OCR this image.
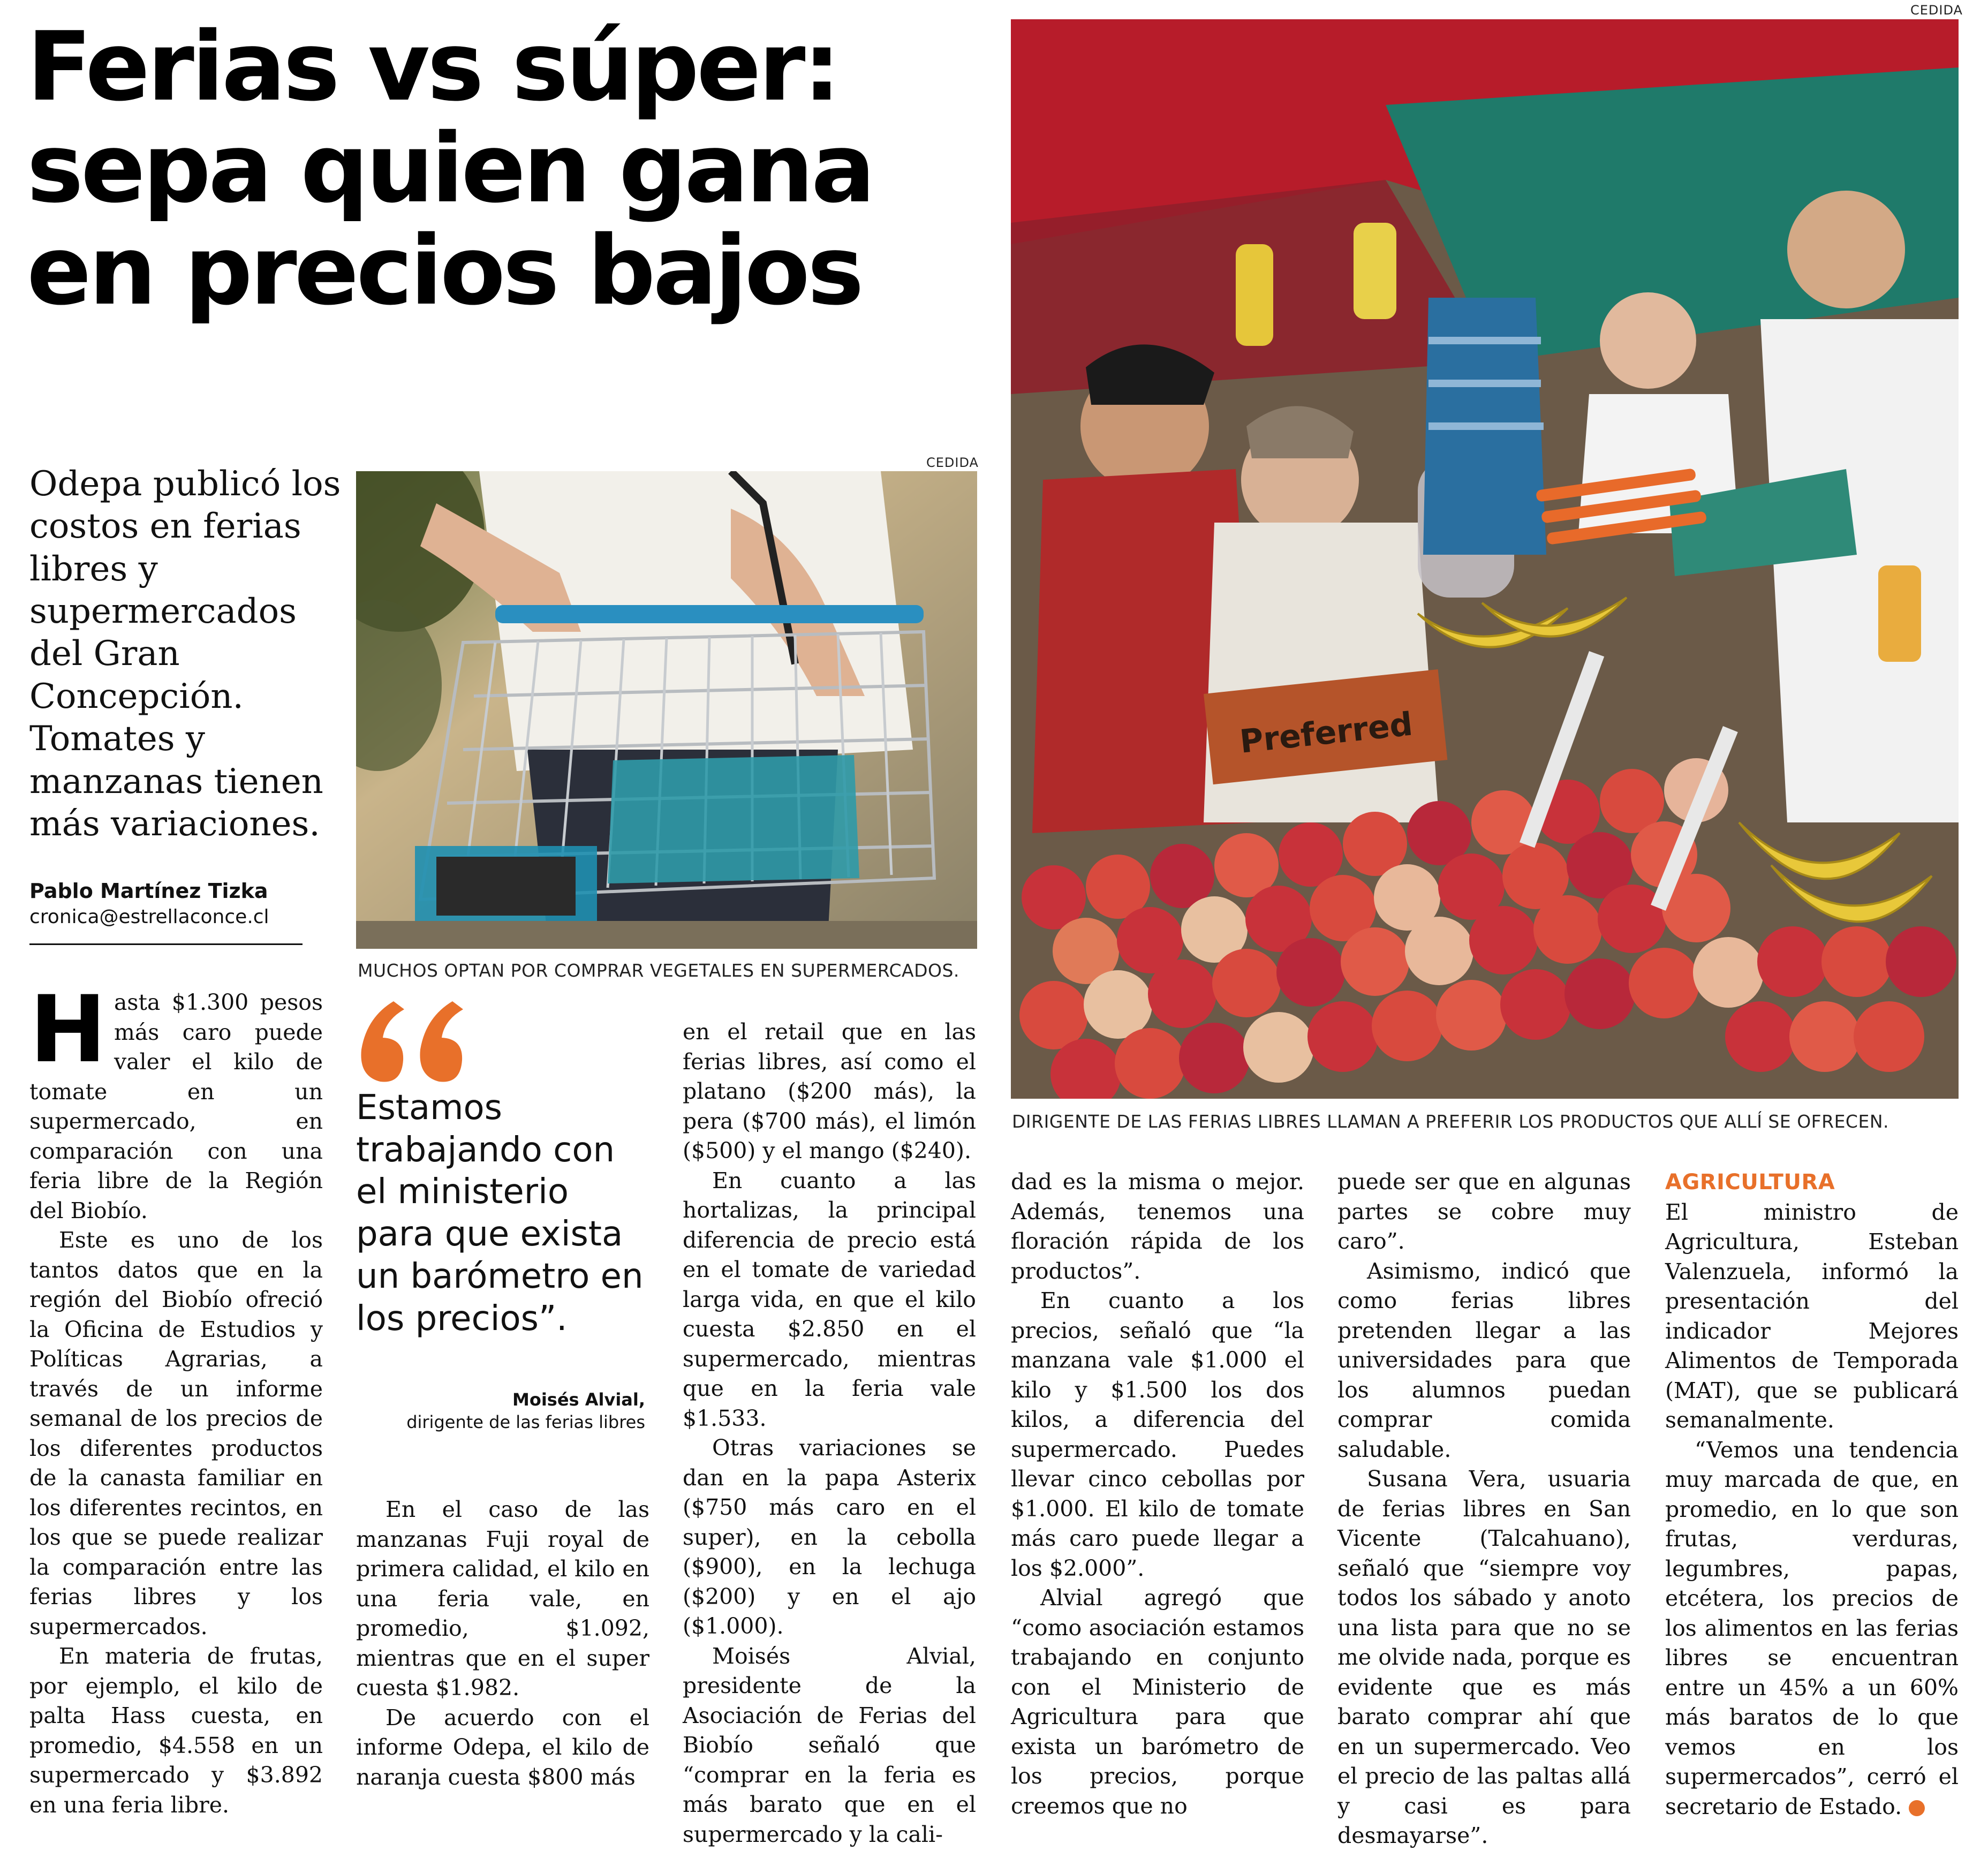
Ferias vs súper:
sepa quien gana
en precios bajos
Odepa publicó los costos en ferias libres y supermercados del Gran Concepción. Tomates y manzanas tienen más variaciones.
Pablo Martínez Tizka
cronica@estrellaconce.cl
CEDIDA
MUCHOS OPTAN POR COMPRAR VEGETALES EN SUPERMERCADOS.
CEDIDA
Preferred
DIRIGENTE DE LAS FERIAS LIBRES LLAMAN A PREFERIR LOS PRODUCTOS QUE ALLÍ SE OFRECEN.
Estamos trabajando con el ministerio para que exista un barómetro en los precios”.
Moisés Alvial,
dirigente de las ferias libres

Hasta $1.300 pesos más caro puede valer el kilo de tomate en un supermercado, en comparación con una feria libre de la Región del Biobío.

Este es uno de los tantos datos que en la región del Biobío ofreció la Oficina de Estudios y Políticas Agrarias, a través de un informe semanal de los precios de los diferentes productos de la canasta familiar en los diferentes recintos, en los que se puede realizar la comparación entre las ferias libres y los supermercados.

En materia de frutas, por ejemplo, el kilo de palta Hass cuesta, en promedio, $4.558 en un supermercado y $3.892 en una feria libre.

En el caso de las manzanas Fuji royal de primera calidad, el kilo en una feria vale, en promedio, $1.092, mientras que en el super cuesta $1.982.

De acuerdo con el informe Odepa, el kilo de naranja cuesta $800 más

en el retail que en las ferias libres, así como el platano ($200 más), la pera ($700 más), el limón ($500) y el mango ($240).

En cuanto a las hortalizas, la principal diferencia de precio está en el tomate de variedad larga vida, en que el kilo cuesta $2.850 en el supermercado, mientras que en la feria vale $1.533.

Otras variaciones se dan en la papa Asterix ($750 más caro en el super), en la cebolla ($900), en la lechuga ($200) y en el ajo ($1.000).

Moisés Alvial, presidente de la Asociación de Ferias del Biobío señaló que “comprar en la feria es más barato que en el supermercado y la cali-

dad es la misma o mejor. Además, tenemos una floración rápida de los productos”.

En cuanto a los precios, señaló que “la manzana vale $1.000 el kilo y $1.500 los dos kilos, a diferencia del supermercado. Puedes llevar cinco cebollas por $1.000. El kilo de tomate más caro puede llegar a los $2.000”.

Alvial agregó que “como asociación estamos trabajando en conjunto con el Ministerio de Agricultura para que exista un barómetro de los precios, porque creemos que no

puede ser que en algunas partes se cobre muy caro”.

Asimismo, indicó que como ferias libres pretenden llegar a las universidades para que los alumnos puedan comprar comida saludable.

Susana Vera, usuaria de ferias libres en San Vicente (Talcahuano), señaló que “siempre voy todos los sábado y anoto una lista para que no se me olvide nada, porque es evidente que es más barato comprar ahí que en un supermercado. Veo el precio de las paltas allá y casi es para desmayarse”.

AGRICULTURA

El ministro de Agricultura, Esteban Valenzuela, informó la presentación del indicador Mejores Alimentos de Temporada (MAT), que se publicará semanalmente.

“Vemos una tendencia muy marcada de que, en promedio, en lo que son frutas, verduras, legumbres, papas, etcétera, los precios de los alimentos en las ferias libres se encuentran entre un 45% a un 60% más baratos de lo que vemos en los supermercados”, cerró el secretario de Estado.	✪
